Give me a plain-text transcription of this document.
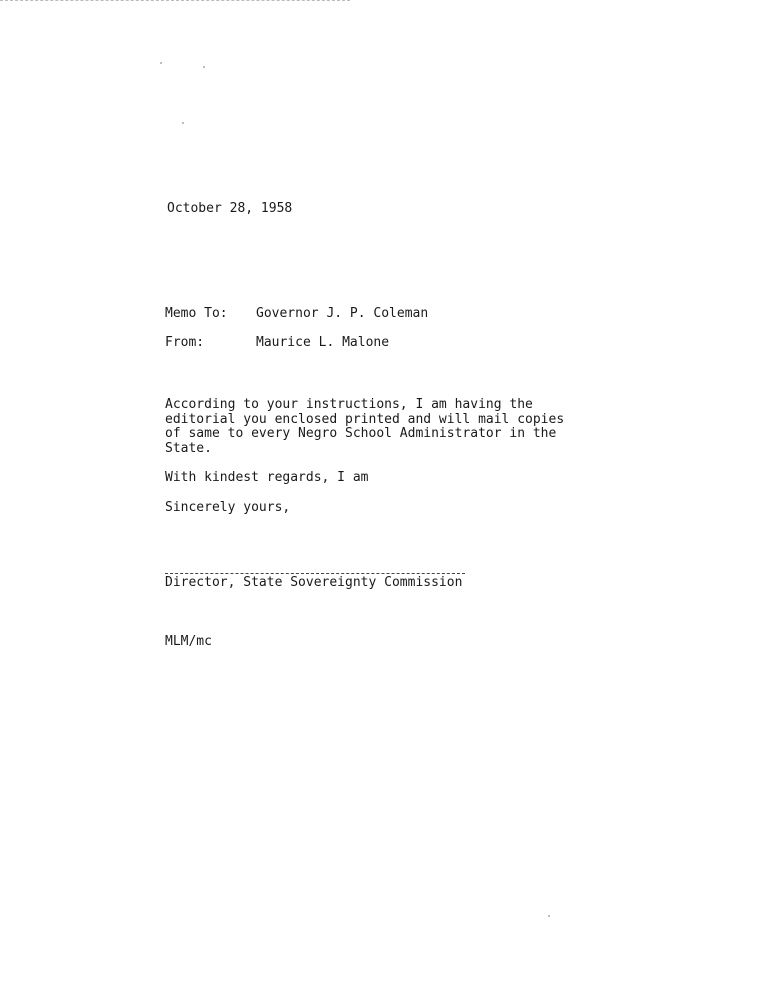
October 28, 1958
Memo To: Governor J. P. Coleman
From:	Maurice L. Malone
According to your instructions, I am having the
editorial you enclosed printed and will mail copies
of same to every Negro School Administrator in the
State.
With kindest regards, I am
Sincerely yours,
Director, State Sovereignty Commission
MLM/mc
